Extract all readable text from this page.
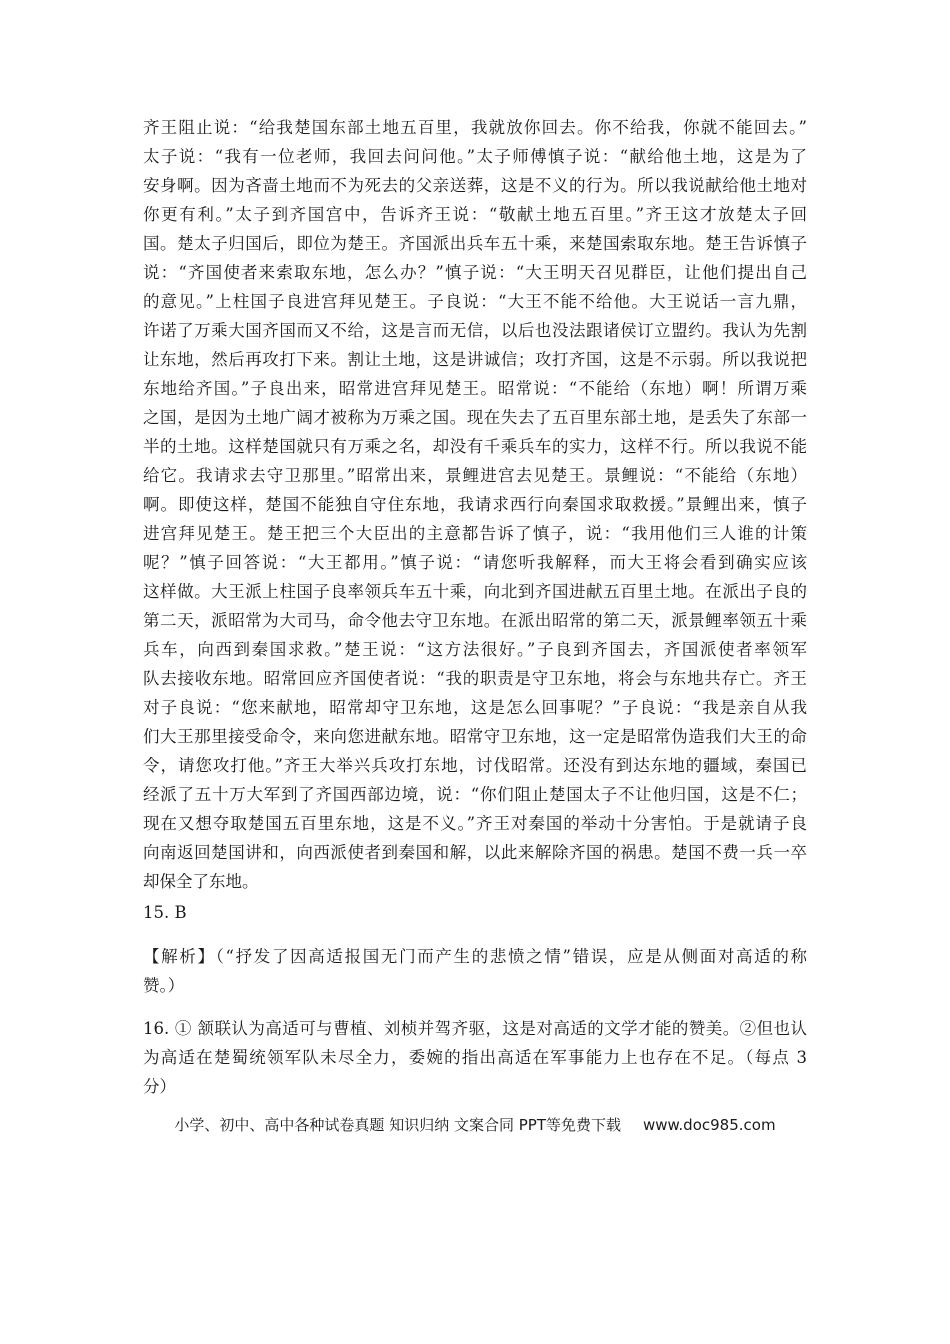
齐王阻止说：“给我楚国东部土地五百里，我就放你回去。你不给我，你就不能回去。”
太子说：“我有一位老师，我回去问问他。”太子师傅慎子说：“献给他土地，这是为了
安身啊。因为吝啬土地而不为死去的父亲送葬，这是不义的行为。所以我说献给他土地对
你更有利。”太子到齐国宫中，告诉齐王说：“敬献土地五百里。”齐王这才放楚太子回
国。楚太子归国后，即位为楚王。齐国派出兵车五十乘，来楚国索取东地。楚王告诉慎子
说：“齐国使者来索取东地，怎么办？”慎子说：“大王明天召见群臣，让他们提出自己
的意见。”上柱国子良进宫拜见楚王。子良说：“大王不能不给他。大王说话一言九鼎，
许诺了万乘大国齐国而又不给，这是言而无信，以后也没法跟诸侯订立盟约。我认为先割
让东地，然后再攻打下来。割让土地，这是讲诚信；攻打齐国，这是不示弱。所以我说把
东地给齐国。”子良出来，昭常进宫拜见楚王。昭常说：“不能给（东地）啊！所谓万乘
之国，是因为土地广阔才被称为万乘之国。现在失去了五百里东部土地，是丢失了东部一
半的土地。这样楚国就只有万乘之名，却没有千乘兵车的实力，这样不行。所以我说不能
给它。我请求去守卫那里。”昭常出来，景鲤进宫去见楚王。景鲤说：“不能给（东地）
啊。即使这样，楚国不能独自守住东地，我请求西行向秦国求取救援。”景鲤出来，慎子
进宫拜见楚王。楚王把三个大臣出的主意都告诉了慎子，说：“我用他们三人谁的计策
呢？”慎子回答说：“大王都用。”慎子说：“请您听我解释，而大王将会看到确实应该
这样做。大王派上柱国子良率领兵车五十乘，向北到齐国进献五百里土地。在派出子良的
第二天，派昭常为大司马，命令他去守卫东地。在派出昭常的第二天，派景鲤率领五十乘
兵车，向西到秦国求救。”楚王说：“这方法很好。”子良到齐国去，齐国派使者率领军
队去接收东地。昭常回应齐国使者说：“我的职责是守卫东地，将会与东地共存亡。齐王
对子良说：“您来献地，昭常却守卫东地，这是怎么回事呢？”子良说：“我是亲自从我
们大王那里接受命令，来向您进献东地。昭常守卫东地，这一定是昭常伪造我们大王的命
令，请您攻打他。”齐王大举兴兵攻打东地，讨伐昭常。还没有到达东地的疆域，秦国已
经派了五十万大军到了齐国西部边境，说：“你们阻止楚国太子不让他归国，这是不仁；
现在又想夺取楚国五百里东地，这是不义。”齐王对秦国的举动十分害怕。于是就请子良
向南返回楚国讲和，向西派使者到秦国和解，以此来解除齐国的祸患。楚国不费一兵一卒
却保全了东地。
15. B
【解析】（“抒发了因高适报国无门而产生的悲愤之情”错误，应是从侧面对高适的称
赞。）
16. ① 颔联认为高适可与曹植、刘桢并驾齐驱，这是对高适的文学才能的赞美。②但也认
为高适在楚蜀统领军队未尽全力，委婉的指出高适在军事能力上也存在不足。（每点 3
分）
小学、初中、高中各种试卷真题 知识归纳 文案合同 PPT等免费下载 www.doc985.com
